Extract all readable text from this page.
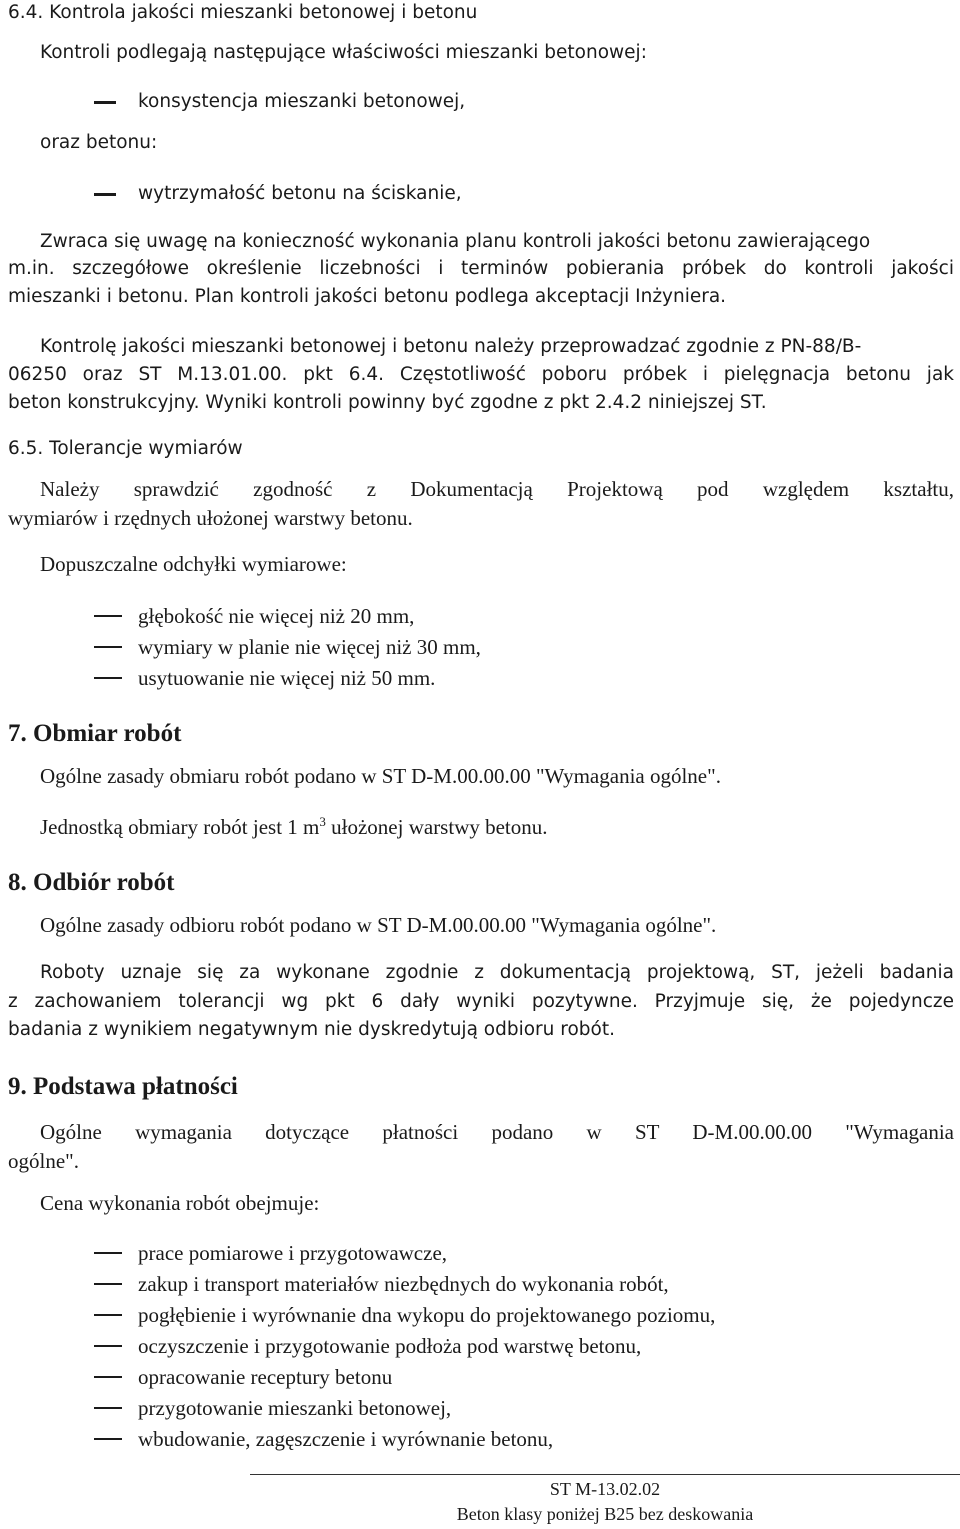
6.4. Kontrola jakości mieszanki betonowej i betonu
Kontroli podlegają następujące właściwości mieszanki betonowej:
konsystencja mieszanki betonowej,
oraz betonu:
wytrzymałość betonu na ściskanie,
Zwraca się uwagę na konieczność wykonania planu kontroli jakości betonu zawierającego
m.in. szczegółowe określenie liczebności i terminów pobierania próbek do kontroli jakości
mieszanki i betonu. Plan kontroli jakości betonu podlega akceptacji Inżyniera.
Kontrolę jakości mieszanki betonowej i betonu należy przeprowadzać zgodnie z PN-88/B-
06250 oraz ST M.13.01.00. pkt 6.4. Częstotliwość poboru próbek i pielęgnacja betonu jak
beton konstrukcyjny. Wyniki kontroli powinny być zgodne z pkt 2.4.2 niniejszej ST.
6.5. Tolerancje wymiarów
Należy sprawdzić zgodność z Dokumentacją Projektową pod względem kształtu,
wymiarów i rzędnych ułożonej warstwy betonu.
Dopuszczalne odchyłki wymiarowe:
głębokość nie więcej niż 20 mm,
wymiary w planie nie więcej niż 30 mm,
usytuowanie nie więcej niż 50 mm.
7. Obmiar robót
Ogólne zasady obmiaru robót podano w ST D-M.00.00.00 "Wymagania ogólne".
Jednostką obmiary robót jest 1 $m^3$ ułożonej warstwy betonu.
8. Odbiór robót
Ogólne zasady odbioru robót podano w ST D-M.00.00.00 "Wymagania ogólne".
Roboty uznaje się za wykonane zgodnie z dokumentacją projektową, ST, jeżeli badania
z zachowaniem tolerancji wg pkt 6 dały wyniki pozytywne. Przyjmuje się, że pojedyncze
badania z wynikiem negatywnym nie dyskredytują odbioru robót.
9. Podstawa płatności
Ogólne wymagania dotyczące płatności podano w ST D-M.00.00.00 "Wymagania
ogólne".
Cena wykonania robót obejmuje:
prace pomiarowe i przygotowawcze,
zakup i transport materiałów niezbędnych do wykonania robót,
pogłębienie i wyrównanie dna wykopu do projektowanego poziomu,
oczyszczenie i przygotowanie podłoża pod warstwę betonu,
opracowanie receptury betonu
przygotowanie mieszanki betonowej,
wbudowanie, zagęszczenie i wyrównanie betonu,
ST M-13.02.02
Beton klasy poniżej B25 bez deskowania
